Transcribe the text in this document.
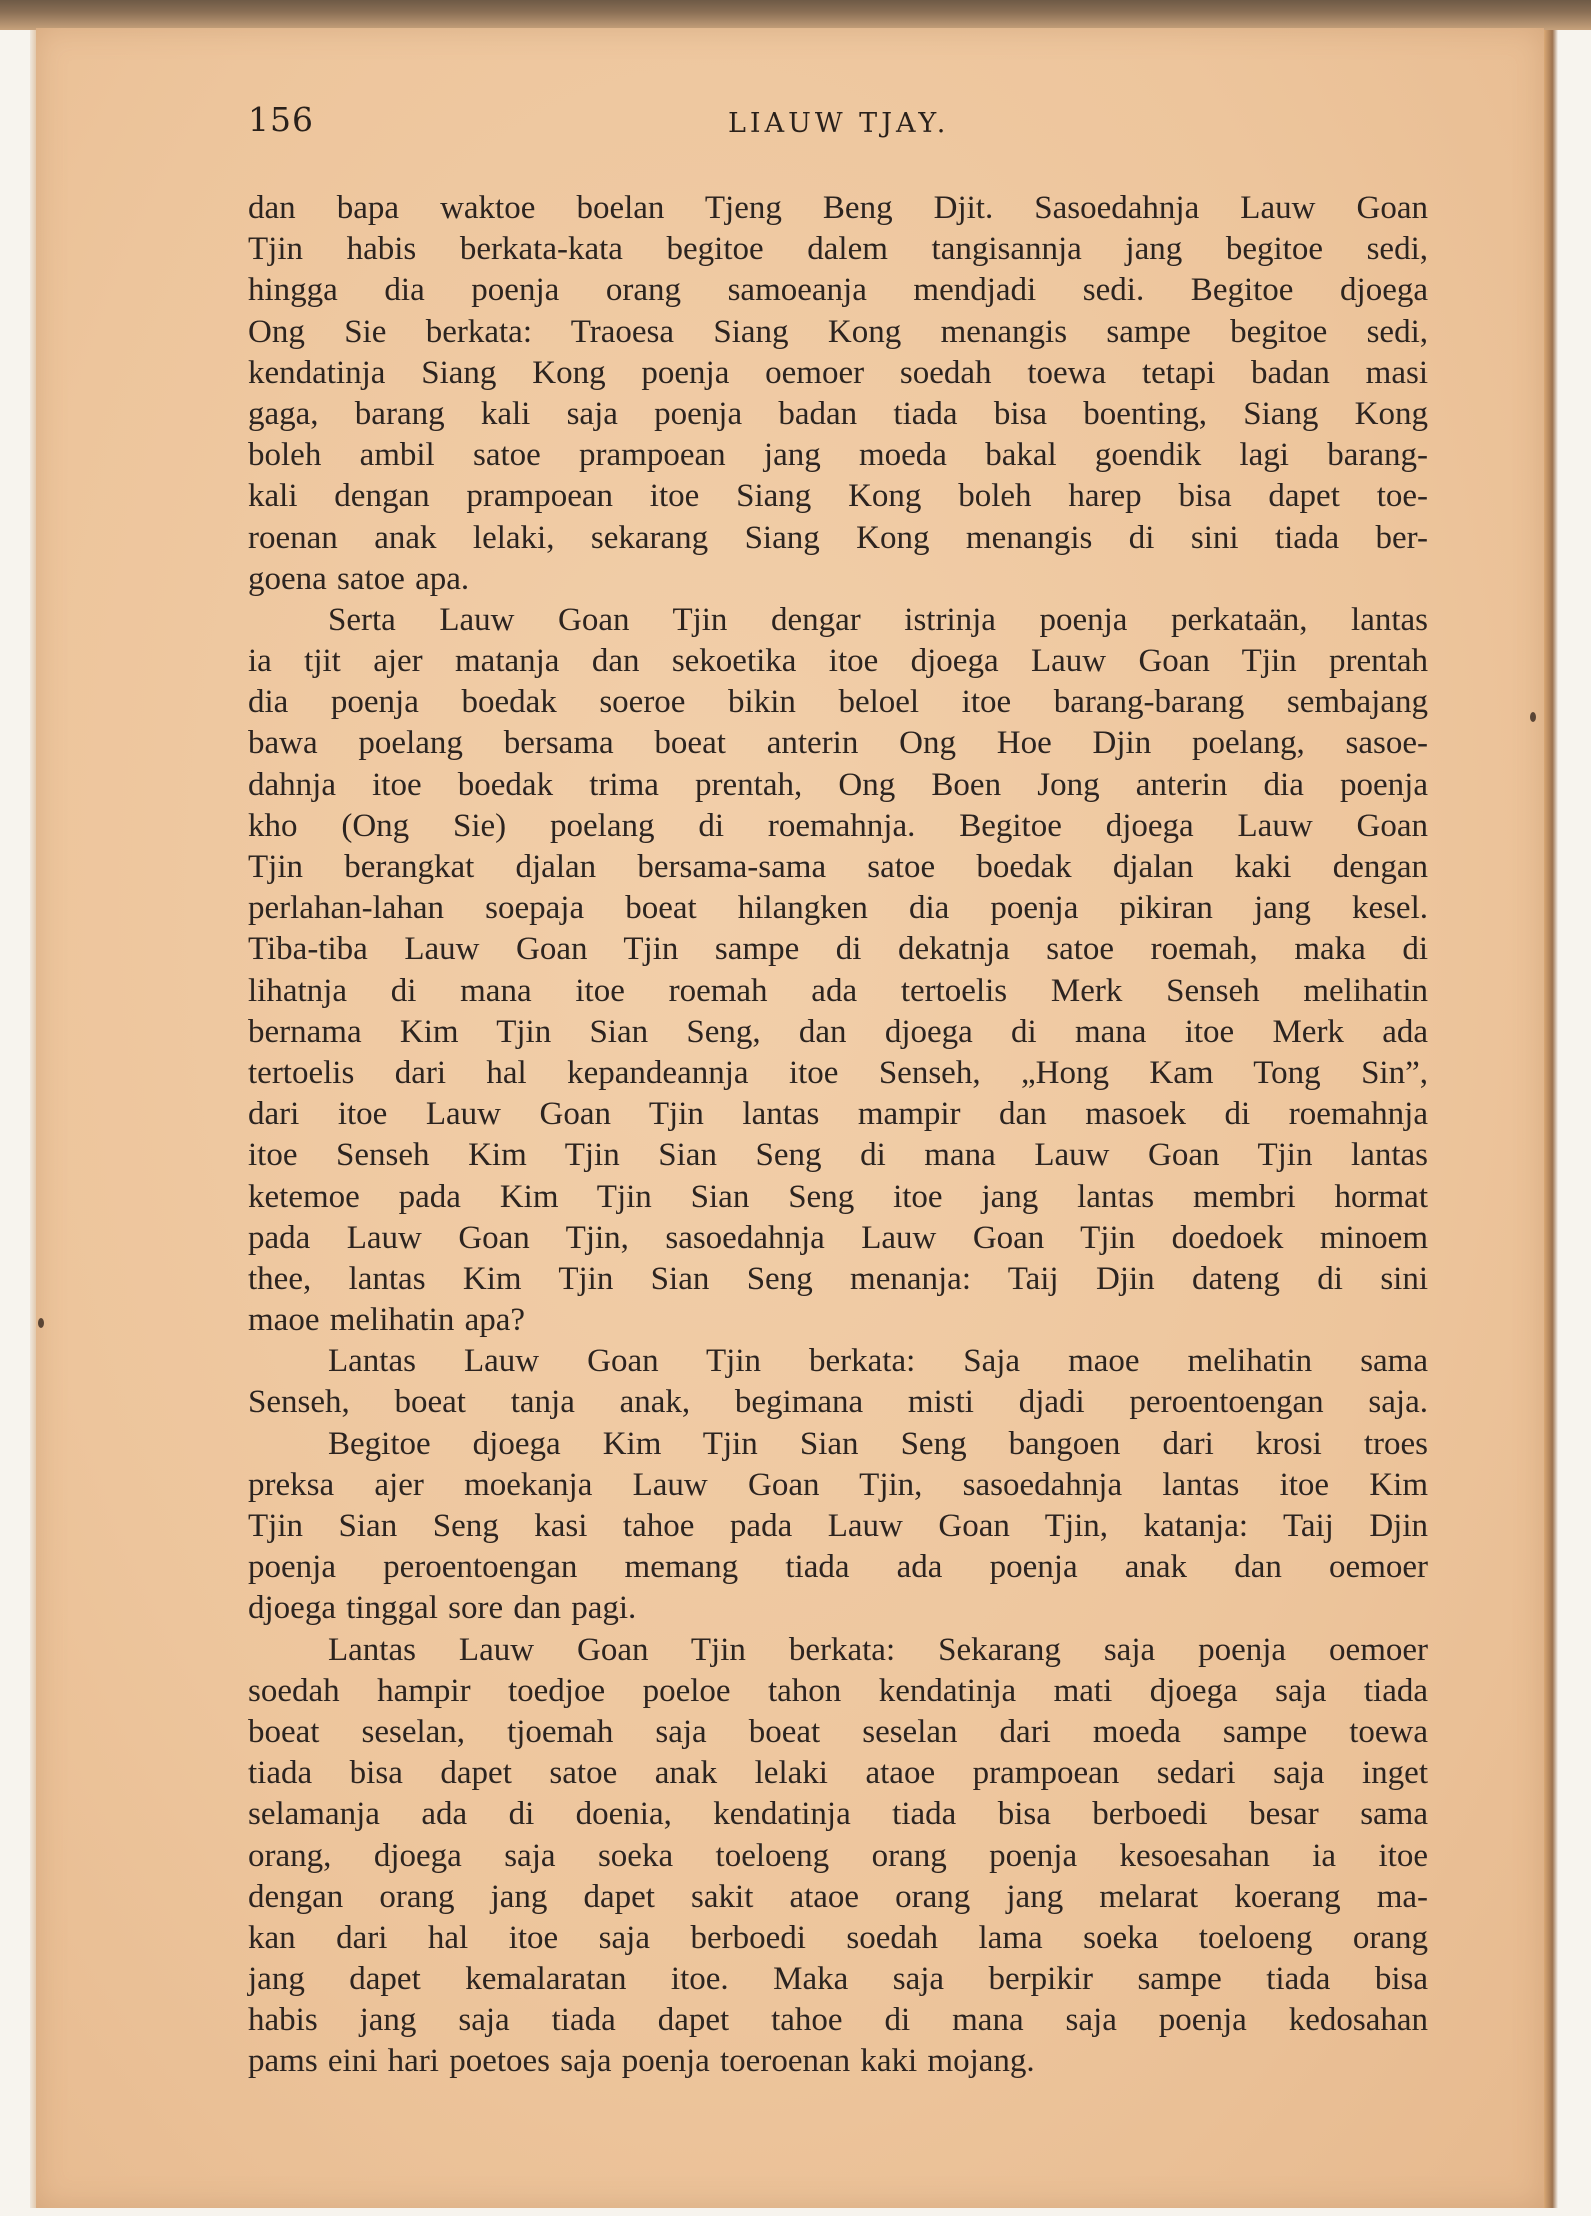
156	LIAUW TJAY.
dan bapa waktoe boelan Tjeng Beng Djit. Sasoedahnja Lauw Goan
Tjin habis berkata-kata begitoe dalem tangisannja jang begitoe sedi,
hingga dia poenja orang samoeanja mendjadi sedi. Begitoe djoega
Ong Sie berkata: Traoesa Siang Kong menangis sampe begitoe sedi,
kendatinja Siang Kong poenja oemoer soedah toewa tetapi badan masi
gaga, barang kali saja poenja badan tiada bisa boenting, Siang Kong
boleh ambil satoe prampoean jang moeda bakal goendik lagi barang-
kali dengan prampoean itoe Siang Kong boleh harep bisa dapet toe-
roenan anak lelaki, sekarang Siang Kong menangis di sini tiada ber-
goena satoe apa.
Serta Lauw Goan Tjin dengar istrinja poenja perkataän, lantas
ia tjit ajer matanja dan sekoetika itoe djoega Lauw Goan Tjin prentah
dia poenja boedak soeroe bikin beloel itoe barang-barang sembajang
bawa poelang bersama boeat anterin Ong Hoe Djin poelang, sasoe-
dahnja itoe boedak trima prentah, Ong Boen Jong anterin dia poenja
kho (Ong Sie) poelang di roemahnja. Begitoe djoega Lauw Goan
Tjin berangkat djalan bersama-sama satoe boedak djalan kaki dengan
perlahan-lahan soepaja boeat hilangken dia poenja pikiran jang kesel.
Tiba-tiba Lauw Goan Tjin sampe di dekatnja satoe roemah, maka di
lihatnja di mana itoe roemah ada tertoelis Merk Senseh melihatin
bernama Kim Tjin Sian Seng, dan djoega di mana itoe Merk ada
tertoelis dari hal kepandeannja itoe Senseh, „Hong Kam Tong Sin”,
dari itoe Lauw Goan Tjin lantas mampir dan masoek di roemahnja
itoe Senseh Kim Tjin Sian Seng di mana Lauw Goan Tjin lantas
ketemoe pada Kim Tjin Sian Seng itoe jang lantas membri hormat
pada Lauw Goan Tjin, sasoedahnja Lauw Goan Tjin doedoek minoem
thee, lantas Kim Tjin Sian Seng menanja: Taij Djin dateng di sini
maoe melihatin apa?
Lantas Lauw Goan Tjin berkata: Saja maoe melihatin sama
Senseh, boeat tanja anak, begimana misti djadi peroentoengan saja.
Begitoe djoega Kim Tjin Sian Seng bangoen dari krosi troes
preksa ajer moekanja Lauw Goan Tjin, sasoedahnja lantas itoe Kim
Tjin Sian Seng kasi tahoe pada Lauw Goan Tjin, katanja: Taij Djin
poenja peroentoengan memang tiada ada poenja anak dan oemoer
djoega tinggal sore dan pagi.
Lantas Lauw Goan Tjin berkata: Sekarang saja poenja oemoer
soedah hampir toedjoe poeloe tahon kendatinja mati djoega saja tiada
boeat seselan, tjoemah saja boeat seselan dari moeda sampe toewa
tiada bisa dapet satoe anak lelaki ataoe prampoean sedari saja inget
selamanja ada di doenia, kendatinja tiada bisa berboedi besar sama
orang, djoega saja soeka toeloeng orang poenja kesoesahan ia itoe
dengan orang jang dapet sakit ataoe orang jang melarat koerang ma-
kan dari hal itoe saja berboedi soedah lama soeka toeloeng orang
jang dapet kemalaratan itoe. Maka saja berpikir sampe tiada bisa
habis jang saja tiada dapet tahoe di mana saja poenja kedosahan
pams eini hari poetoes saja poenja toeroenan kaki mojang.
